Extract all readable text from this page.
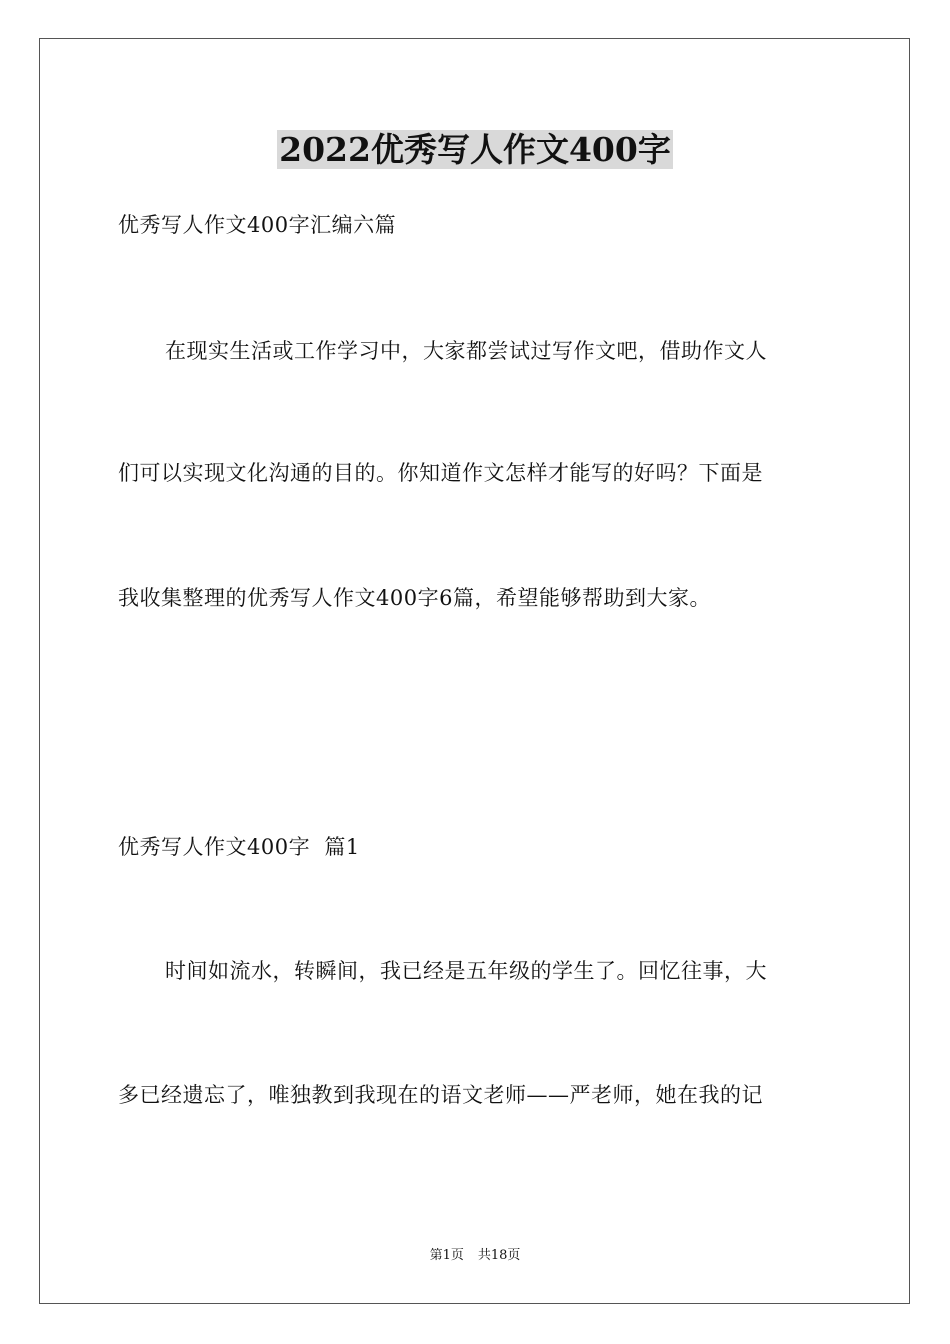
2022优秀写人作文400字
优秀写人作文400字汇编六篇
在现实生活或工作学习中，大家都尝试过写作文吧，借助作文人
们可以实现文化沟通的目的。你知道作文怎样才能写的好吗？下面是
我收集整理的优秀写人作文400字6篇，希望能够帮助到大家。
优秀写人作文400字  篇1
时间如流水，转瞬间，我已经是五年级的学生了。回忆往事，大
多已经遗忘了，唯独教到我现在的语文老师——严老师，她在我的记
第1页 共18页
